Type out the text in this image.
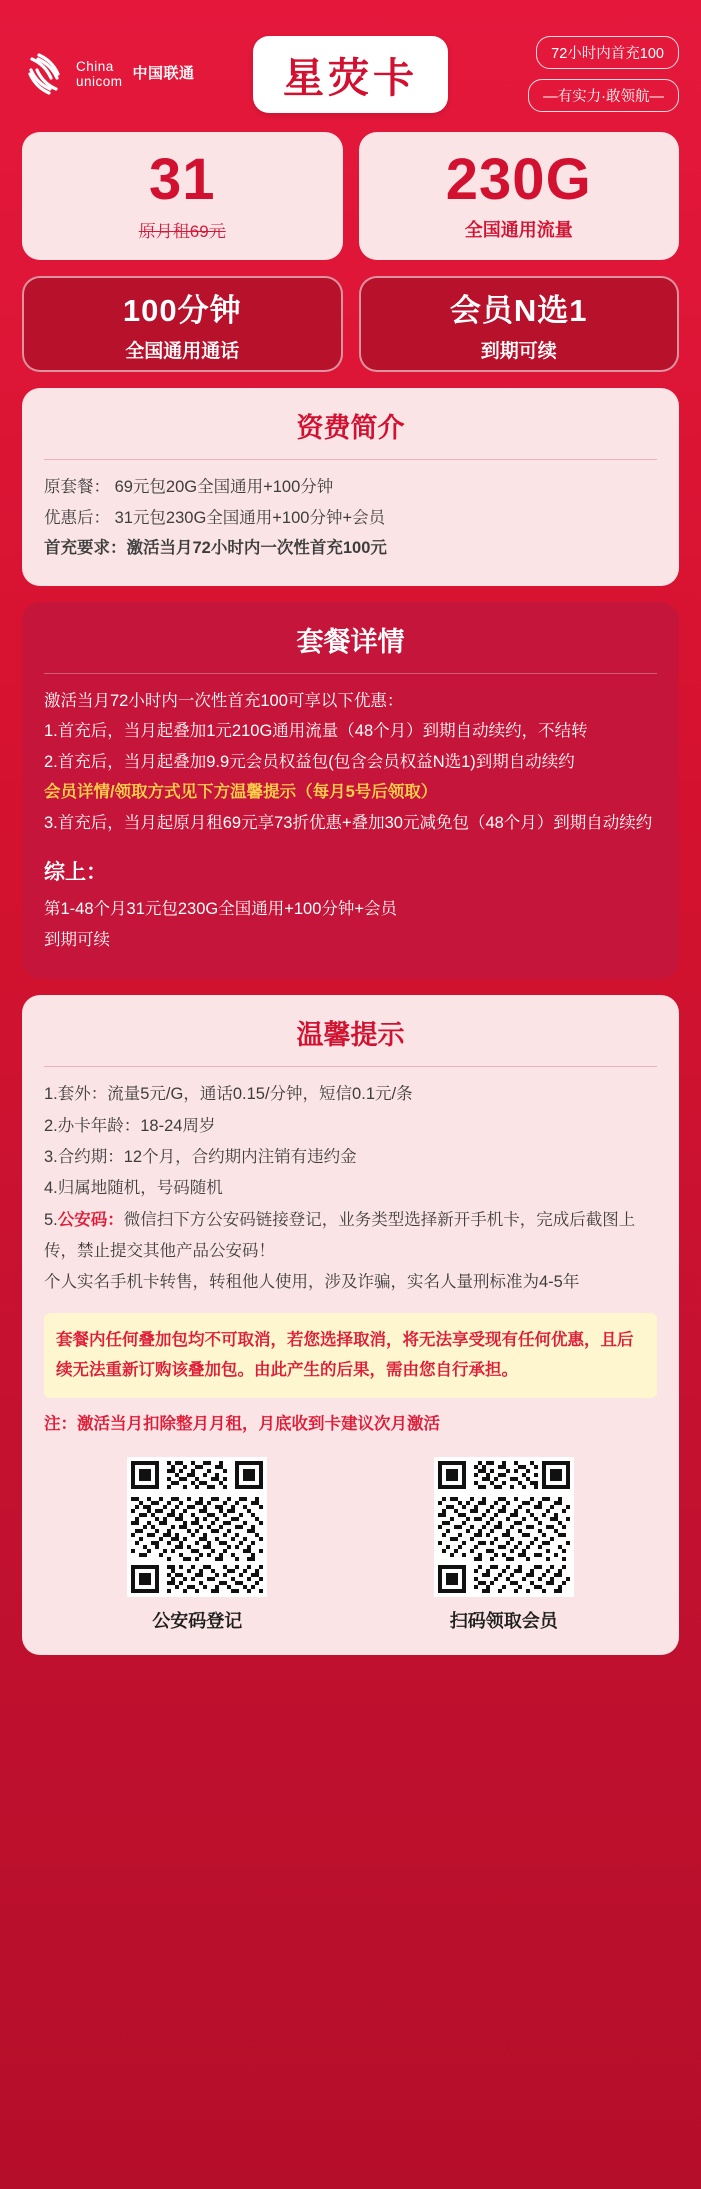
China
unicom 中国联通	星荧卡
72小时内首充100
—有实力·敢领航—
31
原月租69元
230G
全国通用流量
100分钟
全国通用通话
会员N选1
到期可续
资费简介
原套餐： 69元包20G全国通用+100分钟
优惠后： 31元包230G全国通用+100分钟+会员
首充要求：激活当月72小时内一次性首充100元
套餐详情
激活当月72小时内一次性首充100可享以下优惠：
1.首充后，当月起叠加1元210G通用流量（48个月）到期自动续约，不结转
2.首充后，当月起叠加9.9元会员权益包(包含会员权益N选1)到期自动续约
会员详情/领取方式见下方温馨提示（每月5号后领取）
3.首充后，当月起原月租69元享73折优惠+叠加30元减免包（48个月）到期自动续约
综上：
第1-48个月31元包230G全国通用+100分钟+会员
到期可续
温馨提示
1.套外：流量5元/G，通话0.15/分钟，短信0.1元/条
2.办卡年龄：18-24周岁
3.合约期：12个月，合约期内注销有违约金
4.归属地随机，号码随机
5.公安码：微信扫下方公安码链接登记，业务类型选择新开手机卡，完成后截图上传，禁止提交其他产品公安码！
个人实名手机卡转售，转租他人使用，涉及诈骗，实名人量刑标准为4-5年
套餐内任何叠加包均不可取消，若您选择取消，将无法享受现有任何优惠，且后续无法重新订购该叠加包。由此产生的后果，需由您自行承担。
注：激活当月扣除整月月租，月底收到卡建议次月激活
公安码登记	扫码领取会员
